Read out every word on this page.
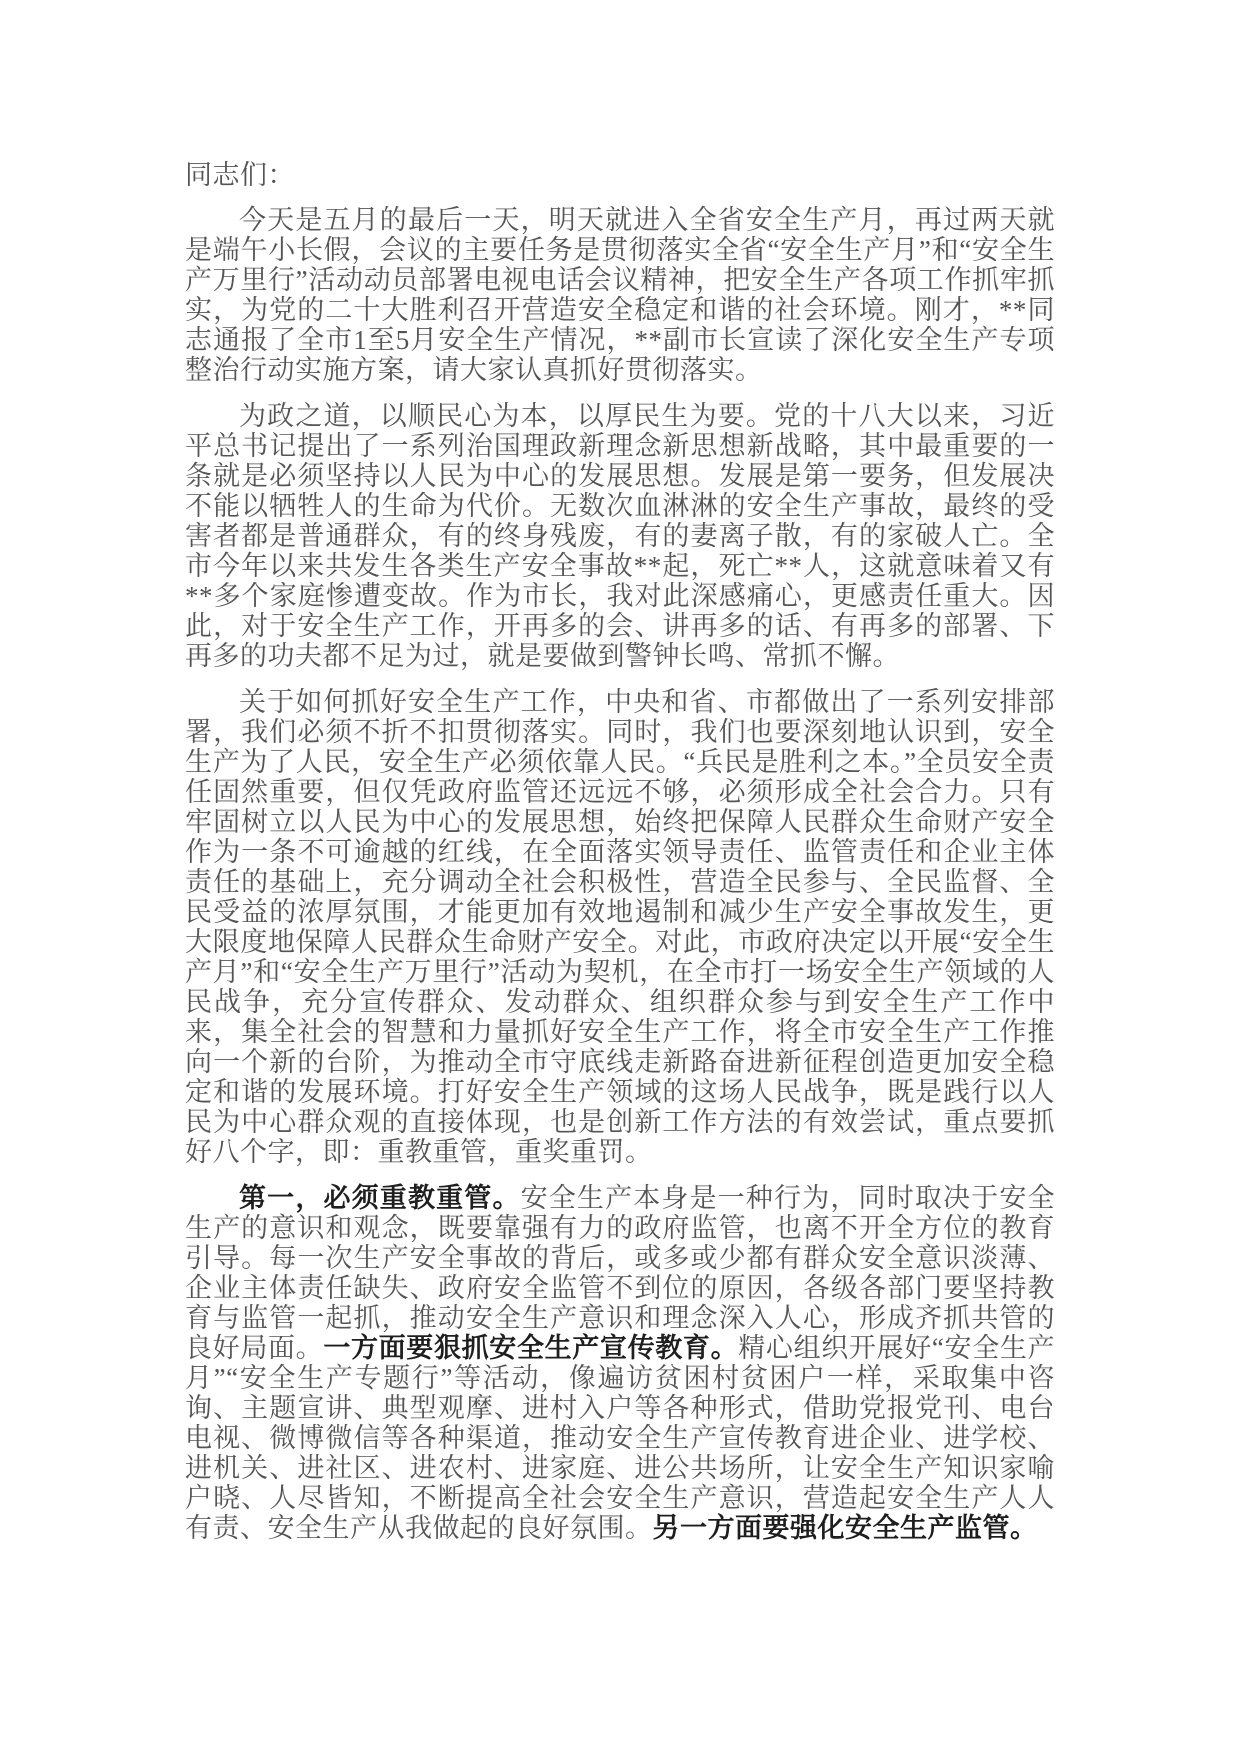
同志们：

今天是五月的最后一天，明天就进入全省安全生产月，再过两天就是端午小长假，会议的主要任务是贯彻落实全省“安全生产月”和“安全生产万里行”活动动员部署电视电话会议精神，把安全生产各项工作抓牢抓实，为党的二十大胜利召开营造安全稳定和谐的社会环境。刚才，**同志通报了全市1至5月安全生产情况，**副市长宣读了深化安全生产专项整治行动实施方案，请大家认真抓好贯彻落实。

为政之道，以顺民心为本，以厚民生为要。党的十八大以来，习近平总书记提出了一系列治国理政新理念新思想新战略，其中最重要的一条就是必须坚持以人民为中心的发展思想。发展是第一要务，但发展决不能以牺牲人的生命为代价。无数次血淋淋的安全生产事故，最终的受害者都是普通群众，有的终身残废，有的妻离子散，有的家破人亡。全市今年以来共发生各类生产安全事故**起，死亡**人，这就意味着又有**多个家庭惨遭变故。作为市长，我对此深感痛心，更感责任重大。因此，对于安全生产工作，开再多的会、讲再多的话、有再多的部署、下再多的功夫都不足为过，就是要做到警钟长鸣、常抓不懈。

关于如何抓好安全生产工作，中央和省、市都做出了一系列安排部署，我们必须不折不扣贯彻落实。同时，我们也要深刻地认识到，安全生产为了人民，安全生产必须依靠人民。“兵民是胜利之本。”全员安全责任固然重要，但仅凭政府监管还远远不够，必须形成全社会合力。只有牢固树立以人民为中心的发展思想，始终把保障人民群众生命财产安全作为一条不可逾越的红线，在全面落实领导责任、监管责任和企业主体责任的基础上，充分调动全社会积极性，营造全民参与、全民监督、全民受益的浓厚氛围，才能更加有效地遏制和减少生产安全事故发生，更大限度地保障人民群众生命财产安全。对此，市政府决定以开展“安全生产月”和“安全生产万里行”活动为契机，在全市打一场安全生产领域的人民战争，充分宣传群众、发动群众、组织群众参与到安全生产工作中来，集全社会的智慧和力量抓好安全生产工作，将全市安全生产工作推向一个新的台阶，为推动全市守底线走新路奋进新征程创造更加安全稳定和谐的发展环境。打好安全生产领域的这场人民战争，既是践行以人民为中心群众观的直接体现，也是创新工作方法的有效尝试，重点要抓好八个字，即：重教重管，重奖重罚。

第一，必须重教重管。安全生产本身是一种行为，同时取决于安全生产的意识和观念，既要靠强有力的政府监管，也离不开全方位的教育引导。每一次生产安全事故的背后，或多或少都有群众安全意识淡薄、企业主体责任缺失、政府安全监管不到位的原因，各级各部门要坚持教育与监管一起抓，推动安全生产意识和理念深入人心，形成齐抓共管的良好局面。一方面要狠抓安全生产宣传教育。精心组织开展好“安全生产月”“安全生产专题行”等活动，像遍访贫困村贫困户一样，采取集中咨询、主题宣讲、典型观摩、进村入户等各种形式，借助党报党刊、电台电视、微博微信等各种渠道，推动安全生产宣传教育进企业、进学校、进机关、进社区、进农村、进家庭、进公共场所，让安全生产知识家喻户晓、人尽皆知，不断提高全社会安全生产意识，营造起安全生产人人有责、安全生产从我做起的良好氛围。另一方面要强化安全生产监管。
